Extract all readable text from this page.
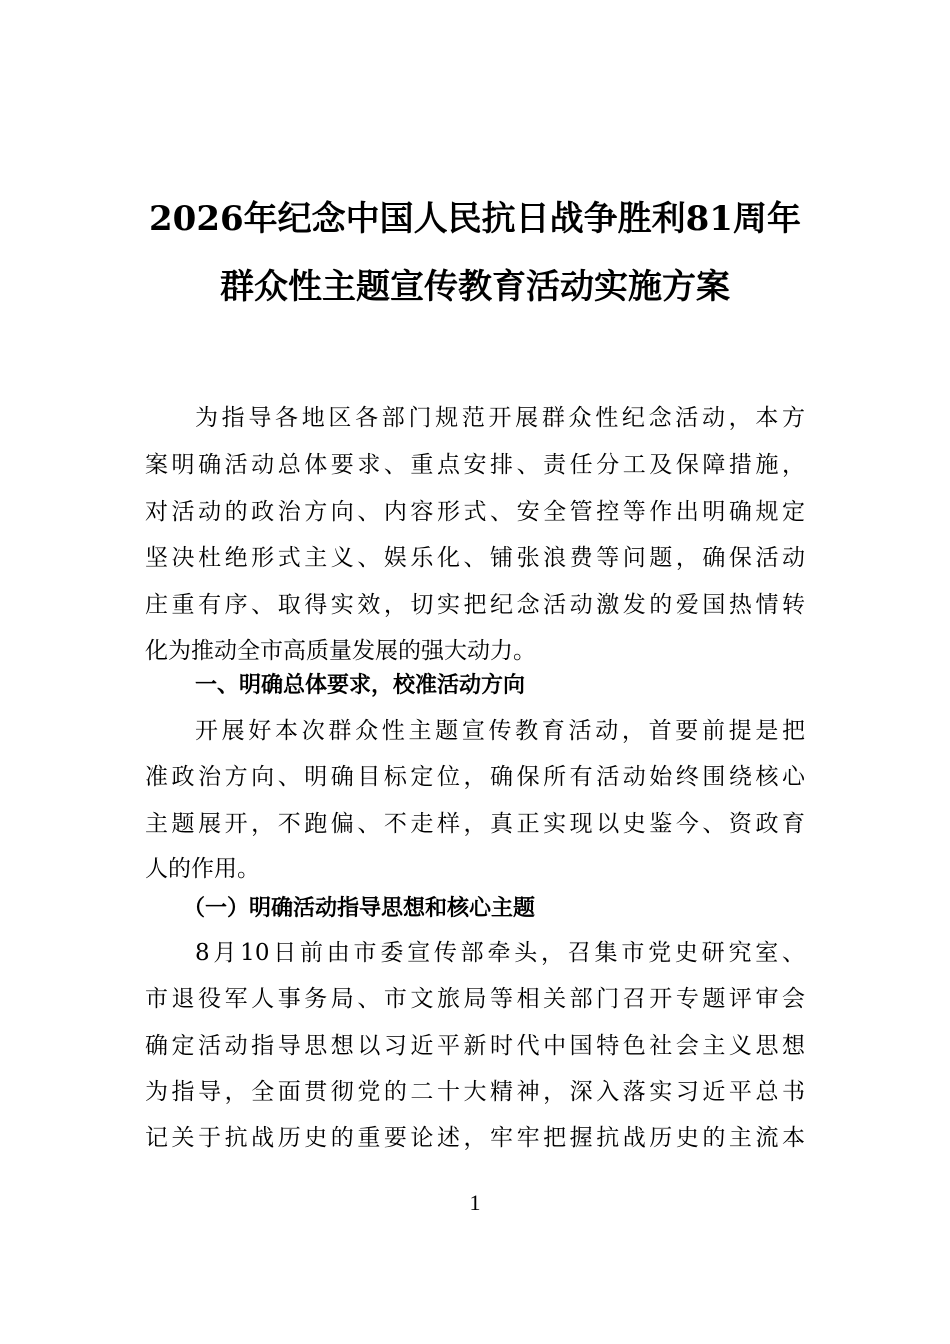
2026年纪念中国人民抗日战争胜利81周年
群众性主题宣传教育活动实施方案
为指导各地区各部门规范开展群众性纪念活动，本方
案明确活动总体要求、重点安排、责任分工及保障措施，
对活动的政治方向、内容形式、安全管控等作出明确规定
坚决杜绝形式主义、娱乐化、铺张浪费等问题，确保活动
庄重有序、取得实效，切实把纪念活动激发的爱国热情转
化为推动全市高质量发展的强大动力。
一、明确总体要求，校准活动方向
开展好本次群众性主题宣传教育活动，首要前提是把
准政治方向、明确目标定位，确保所有活动始终围绕核心
主题展开，不跑偏、不走样，真正实现以史鉴今、资政育
人的作用。
（一）明确活动指导思想和核心主题
8月10日前由市委宣传部牵头，召集市党史研究室、
市退役军人事务局、市文旅局等相关部门召开专题评审会
确定活动指导思想以习近平新时代中国特色社会主义思想
为指导，全面贯彻党的二十大精神，深入落实习近平总书
记关于抗战历史的重要论述，牢牢把握抗战历史的主流本
1
